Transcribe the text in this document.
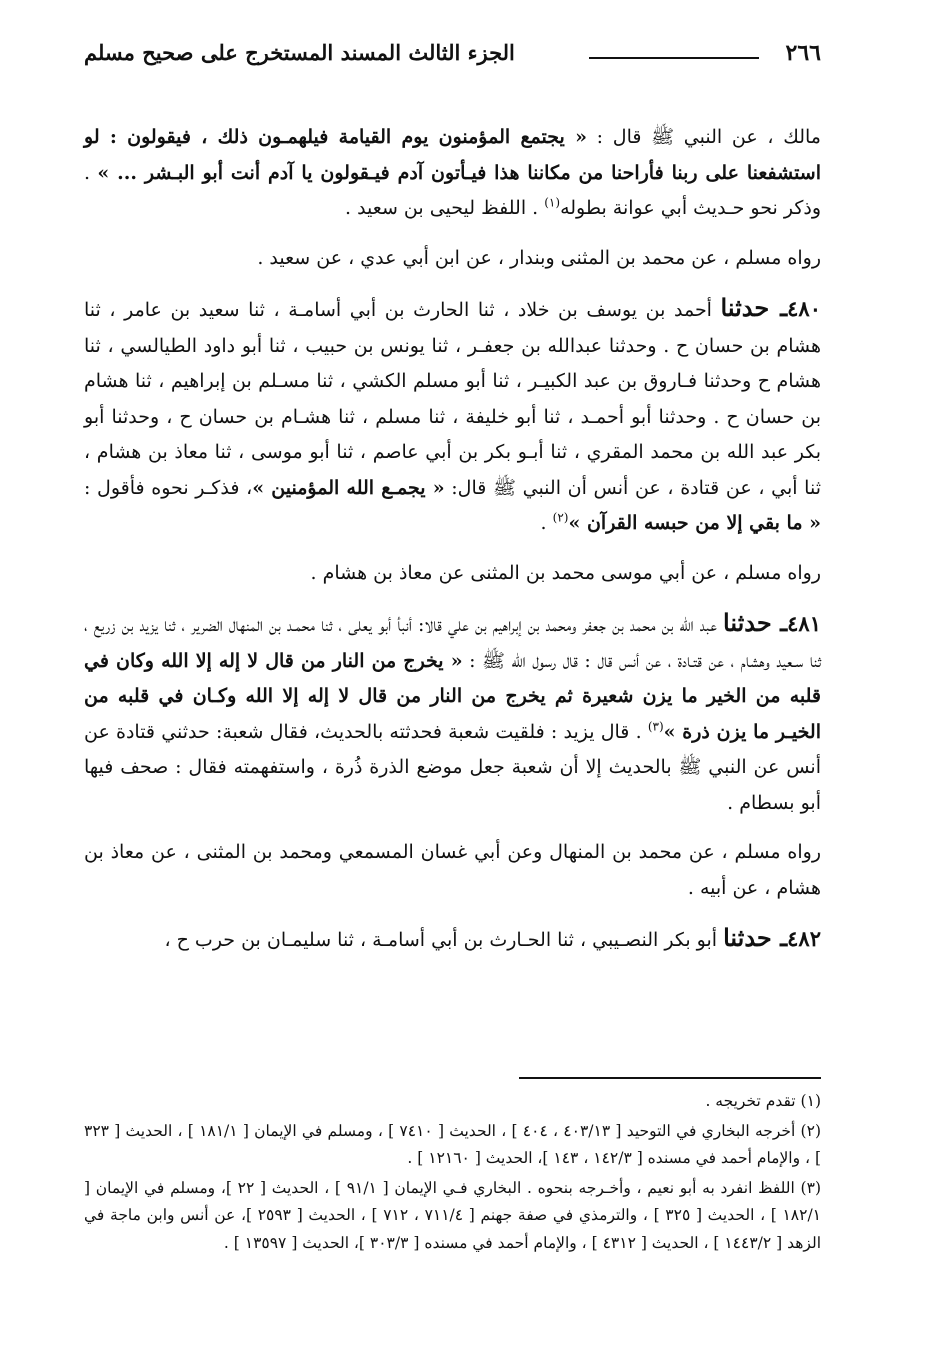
٢٦٦
الجزء الثالث المسند المستخرج على صحيح مسلم

مالك ، عن النبي ﷺ قال : « يجتمع المؤمنون يوم القيامة فيلهمـون ذلك ، فيقولون : لو استشفعنا على ربنا فأراحنا من مكاننا هذا فيـأتون آدم فيـقولون يا آدم أنت أبو البـشر ... » . وذكر نحو حـديث أبي عوانة بطوله$^{(١)}$ . اللفظ ليحيى بن سعيد .

رواه مسلم ، عن محمد بن المثنى وبندار ، عن ابن أبي عدي ، عن سعيد .

٤٨٠ـ حدثنا أحمد بن يوسف بن خلاد ، ثنا الحارث بن أبي أسامـة ، ثنا سعيد بن عامر ، ثنا هشام بن حسان ح . وحدثنا عبدالله بن جعفـر ، ثنا يونس بن حبيب ، ثنا أبو داود الطيالسي ، ثنا هشام ح وحدثنا فـاروق بن عبد الكبيـر ، ثنا أبو مسلم الكشي ، ثنا مسـلم بن إبراهيم ، ثنا هشام بن حسان ح . وحدثنا أبو أحمـد ، ثنا أبو خليفة ، ثنا مسلم ، ثنا هشـام بن حسان ح ، وحدثنا أبو بكر عبد الله بن محمد المقري ، ثنا أبـو بكر بن أبي عاصم ، ثنا أبو موسى ، ثنا معاذ بن هشام ، ثنا أبي ، عن قتادة ، عن أنس أن النبي ﷺ قال: « يجمـع الله المؤمنين »، فذكـر نحوه فأقول : « ما بقي إلا من حبسه القرآن »$^{(٢)}$ .

رواه مسلم ، عن أبي موسى محمد بن المثنى عن معاذ بن هشام .

٤٨١ـ حدثنا عبد الله بن محمد بن جعفر ومحمد بن إبراهيم بن علي قالا: أنبأ أبو يعلى ، ثنا محمـد بن المنهال الضرير ، ثنا يزيد بن زريع ، ثنا سـعيد وهشام ، عن قتـادة ، عن أنس قال : قال رسول الله ﷺ : « يخرج من النار من قال لا إله إلا الله وكان في قلبه من الخير ما يزن شعيرة ثم يخرج من النار من قال لا إله إلا الله وكـان في قلبه من الخيـر ما يزن ذرة »$^{(٣)}$ . قال يزيد : فلقيت شعبة فحدثته بالحديث، فقال شعبة: حدثني قتادة عن أنس عن النبي ﷺ بالحديث إلا أن شعبة جعل موضع الذرة ذُرة ، واستفهمته فقال : صحف فيها أبو بسطام .

رواه مسلم ، عن محمد بن المنهال وعن أبي غسان المسمعي ومحمد بن المثنى ، عن معاذ بن هشام ، عن أبيه .

٤٨٢ـ حدثنا أبو بكر النصـيبي ، ثنا الحـارث بن أبي أسامـة ، ثنا سليمـان بن حرب ح ،

(١) تقدم تخريجه .

(٢) أخرجه البخاري في التوحيد [ ٤٠٣/١٣ ، ٤٠٤ ] ، الحديث [ ٧٤١٠ ] ، ومسلم في الإيمان [ ١٨١/١ ] ، الحديث [ ٣٢٣ ] ، والإمام أحمد في مسنده [ ١٤٢/٣ ، ١٤٣ ]، الحديث [ ١٢١٦٠ ] .

(٣) اللفظ انفرد به أبو نعيم ، وأخـرجه بنحوه . البخاري فـي الإيمان [ ٩١/١ ] ، الحديث [ ٢٢ ]، ومسلم في الإيمان [ ١٨٢/١ ] ، الحديث [ ٣٢٥ ] ، والترمذي في صفة جهنم [ ٧١١/٤ ، ٧١٢ ] ، الحديث [ ٢٥٩٣ ]، عن أنس وابن ماجة في الزهد [ ١٤٤٣/٢ ] ، الحديث [ ٤٣١٢ ] ، والإمام أحمد في مسنده [ ٣٠٣/٣ ]، الحديث [ ١٣٥٩٧ ] .
